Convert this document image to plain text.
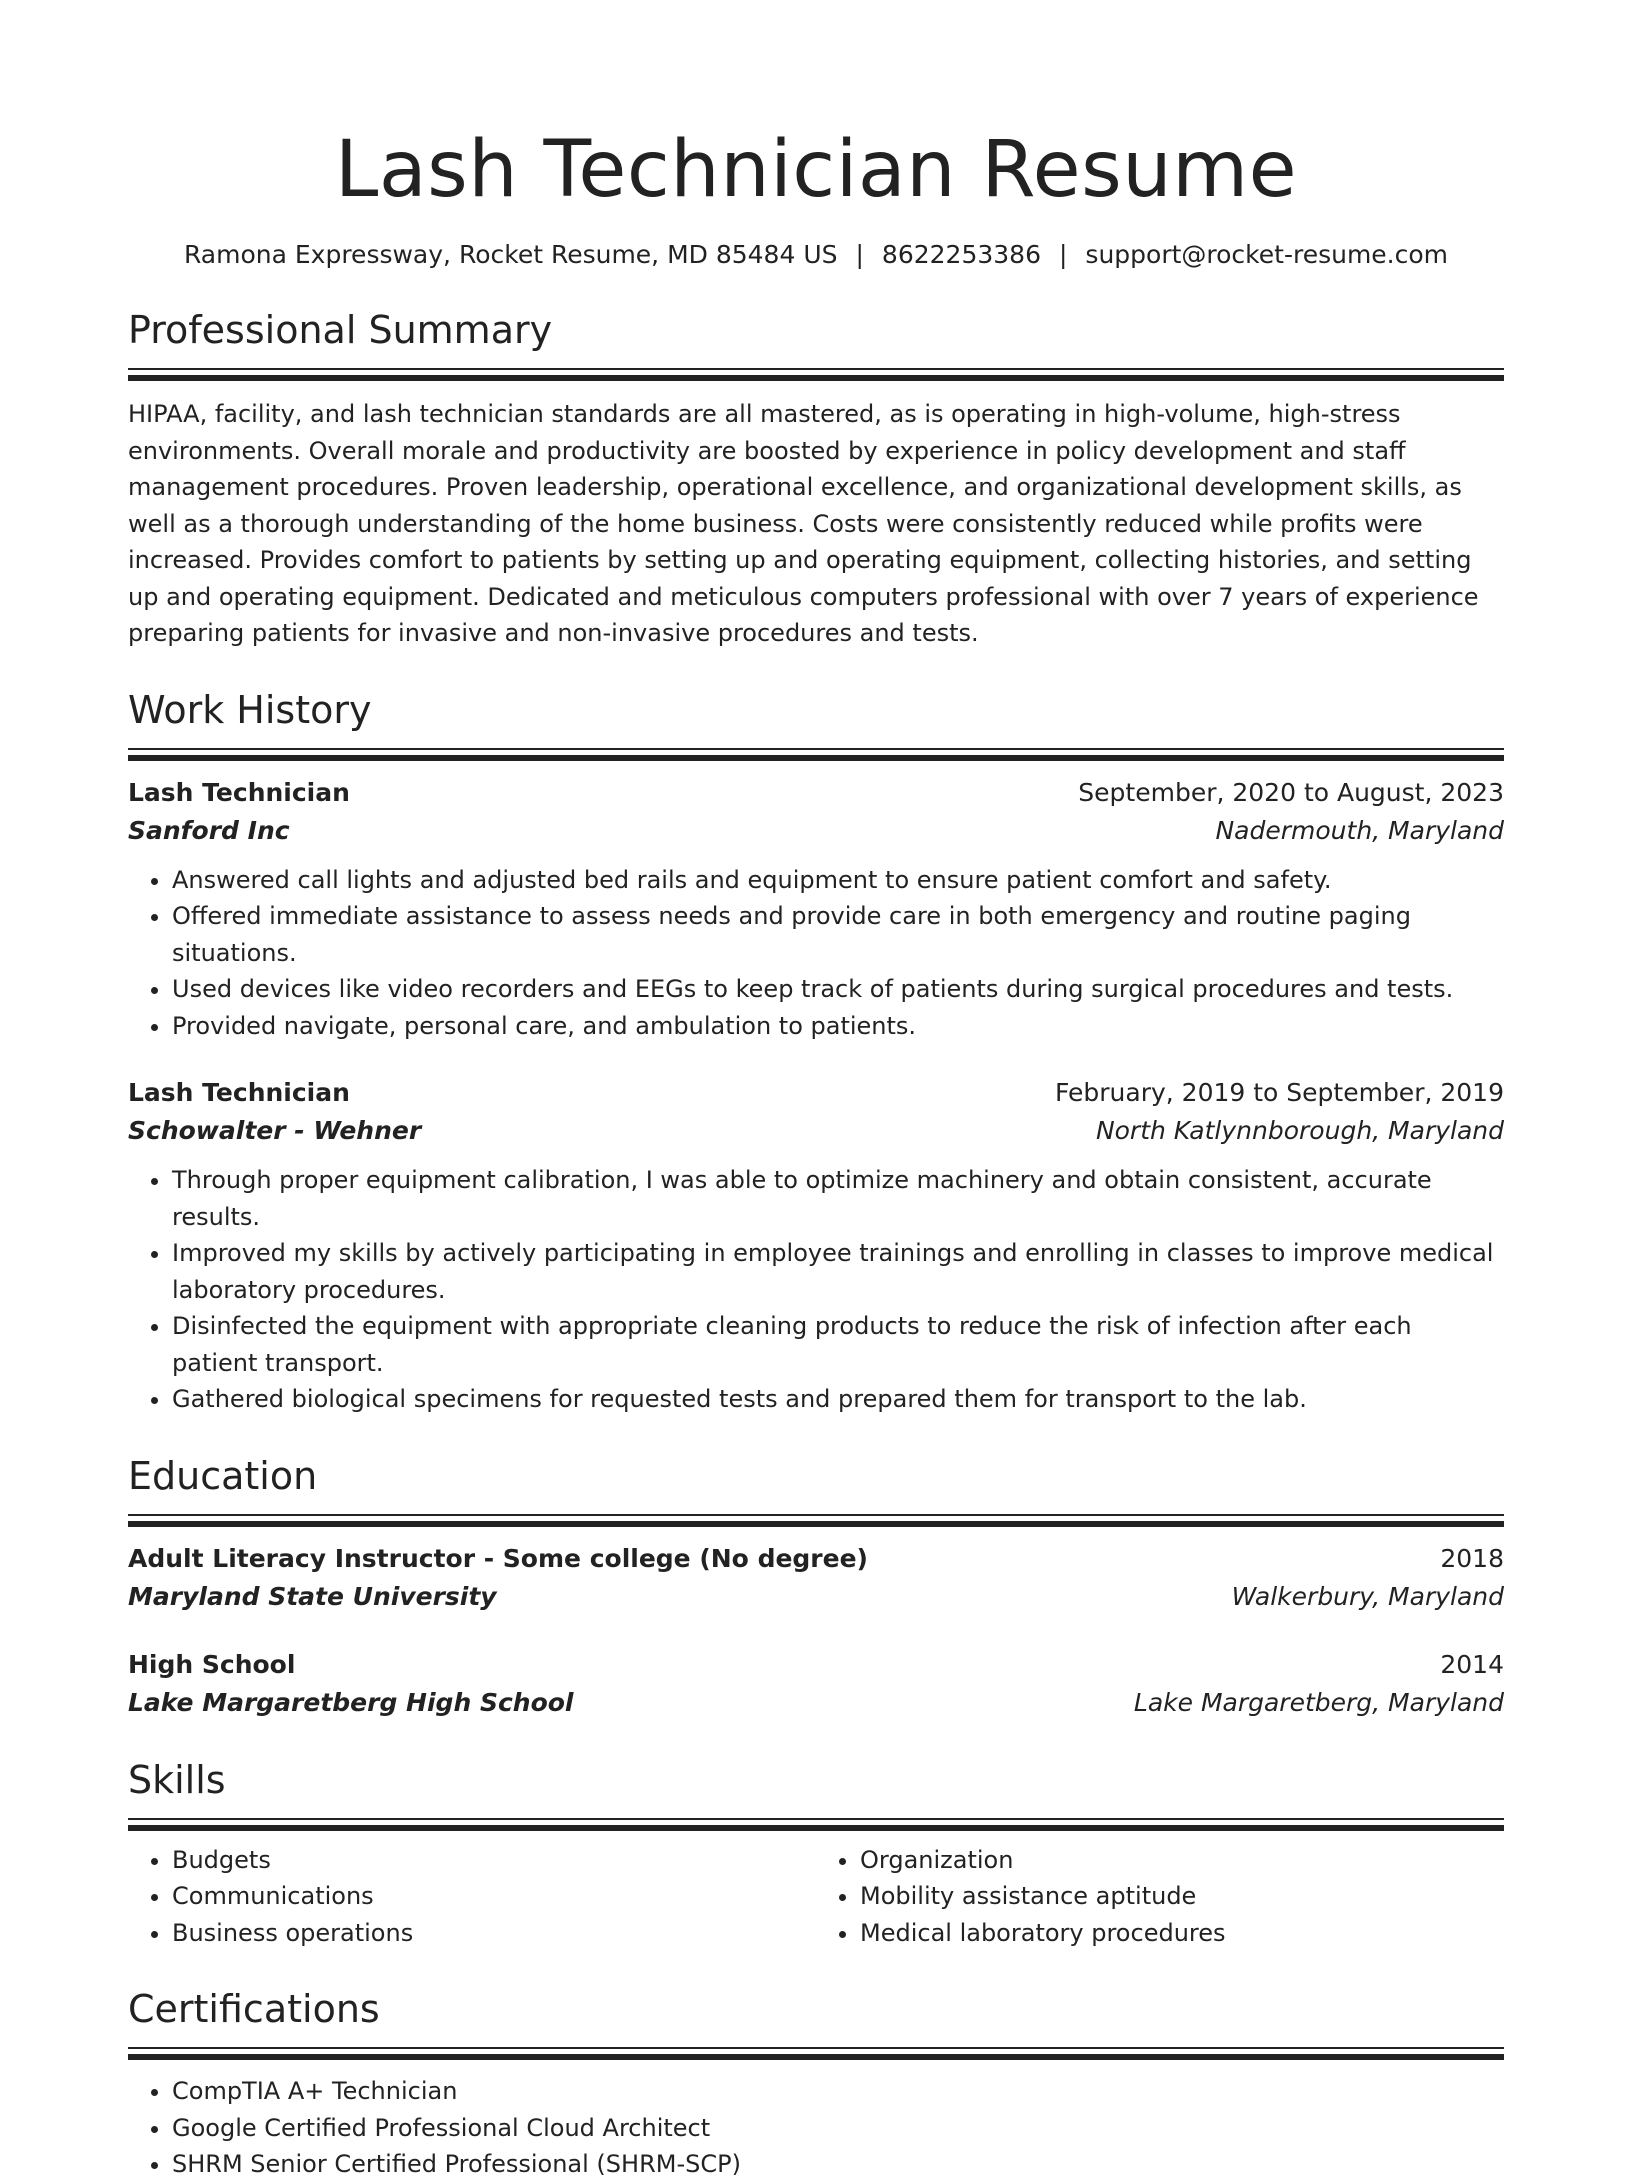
Lash Technician Resume
Ramona Expressway, Rocket Resume, MD 85484 US | 8622253386 | support@rocket-resume.com
Professional Summary
HIPAA, facility, and lash technician standards are all mastered, as is operating in high-volume, high-stress environments. Overall morale and productivity are boosted by experience in policy development and staff management procedures. Proven leadership, operational excellence, and organizational development skills, as well as a thorough understanding of the home business. Costs were consistently reduced while profits were increased. Provides comfort to patients by setting up and operating equipment, collecting histories, and setting up and operating equipment. Dedicated and meticulous computers professional with over 7 years of experience preparing patients for invasive and non-invasive procedures and tests.
Work History
Lash Technician	September, 2020 to August, 2023
Sanford Inc	Nadermouth, Maryland
• Answered call lights and adjusted bed rails and equipment to ensure patient comfort and safety.
• Offered immediate assistance to assess needs and provide care in both emergency and routine paging situations.
• Used devices like video recorders and EEGs to keep track of patients during surgical procedures and tests.
• Provided navigate, personal care, and ambulation to patients.
Lash Technician	February, 2019 to September, 2019
Schowalter - Wehner	North Katlynnborough, Maryland
• Through proper equipment calibration, I was able to optimize machinery and obtain consistent, accurate results.
• Improved my skills by actively participating in employee trainings and enrolling in classes to improve medical laboratory procedures.
• Disinfected the equipment with appropriate cleaning products to reduce the risk of infection after each patient transport.
• Gathered biological specimens for requested tests and prepared them for transport to the lab.
Education
Adult Literacy Instructor - Some college (No degree)	2018
Maryland State University	Walkerbury, Maryland
High School	2014
Lake Margaretberg High School	Lake Margaretberg, Maryland
Skills
• Budgets
• Communications
• Business operations
• Organization
• Mobility assistance aptitude
• Medical laboratory procedures
Certifications
• CompTIA A+ Technician
• Google Certified Professional Cloud Architect
• SHRM Senior Certified Professional (SHRM-SCP)
